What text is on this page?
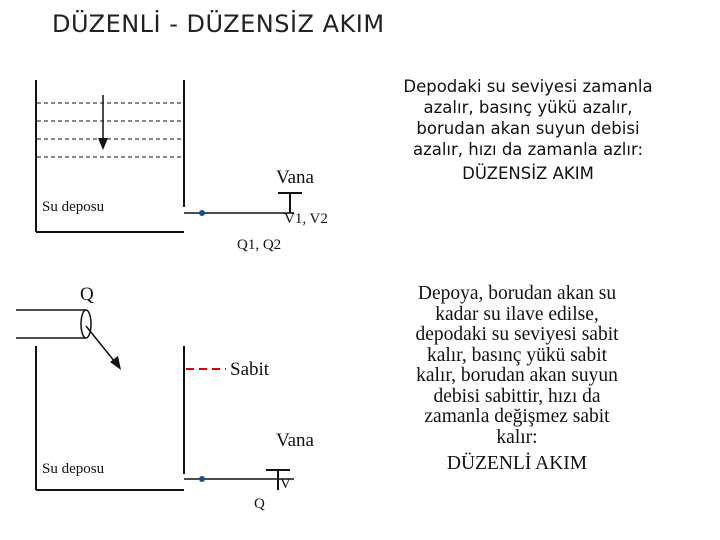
DÜZENLİ - DÜZENSİZ AKIM
Su deposu
Vana
V1, V2
Q1, Q2
Q
Sabit
Vana
Su deposu
V
Q
Depodaki su seviyesi zamanla
azalır, basınç yükü azalır,
borudan akan suyun debisi
azalır, hızı da zamanla azlır:
DÜZENSİZ AKIM
Depoya, borudan akan su
kadar su ilave edilse,
depodaki su seviyesi sabit
kalır, basınç yükü sabit
kalır, borudan akan suyun
debisi sabittir, hızı da
zamanla değişmez sabit
kalır:
DÜZENLİ AKIM
